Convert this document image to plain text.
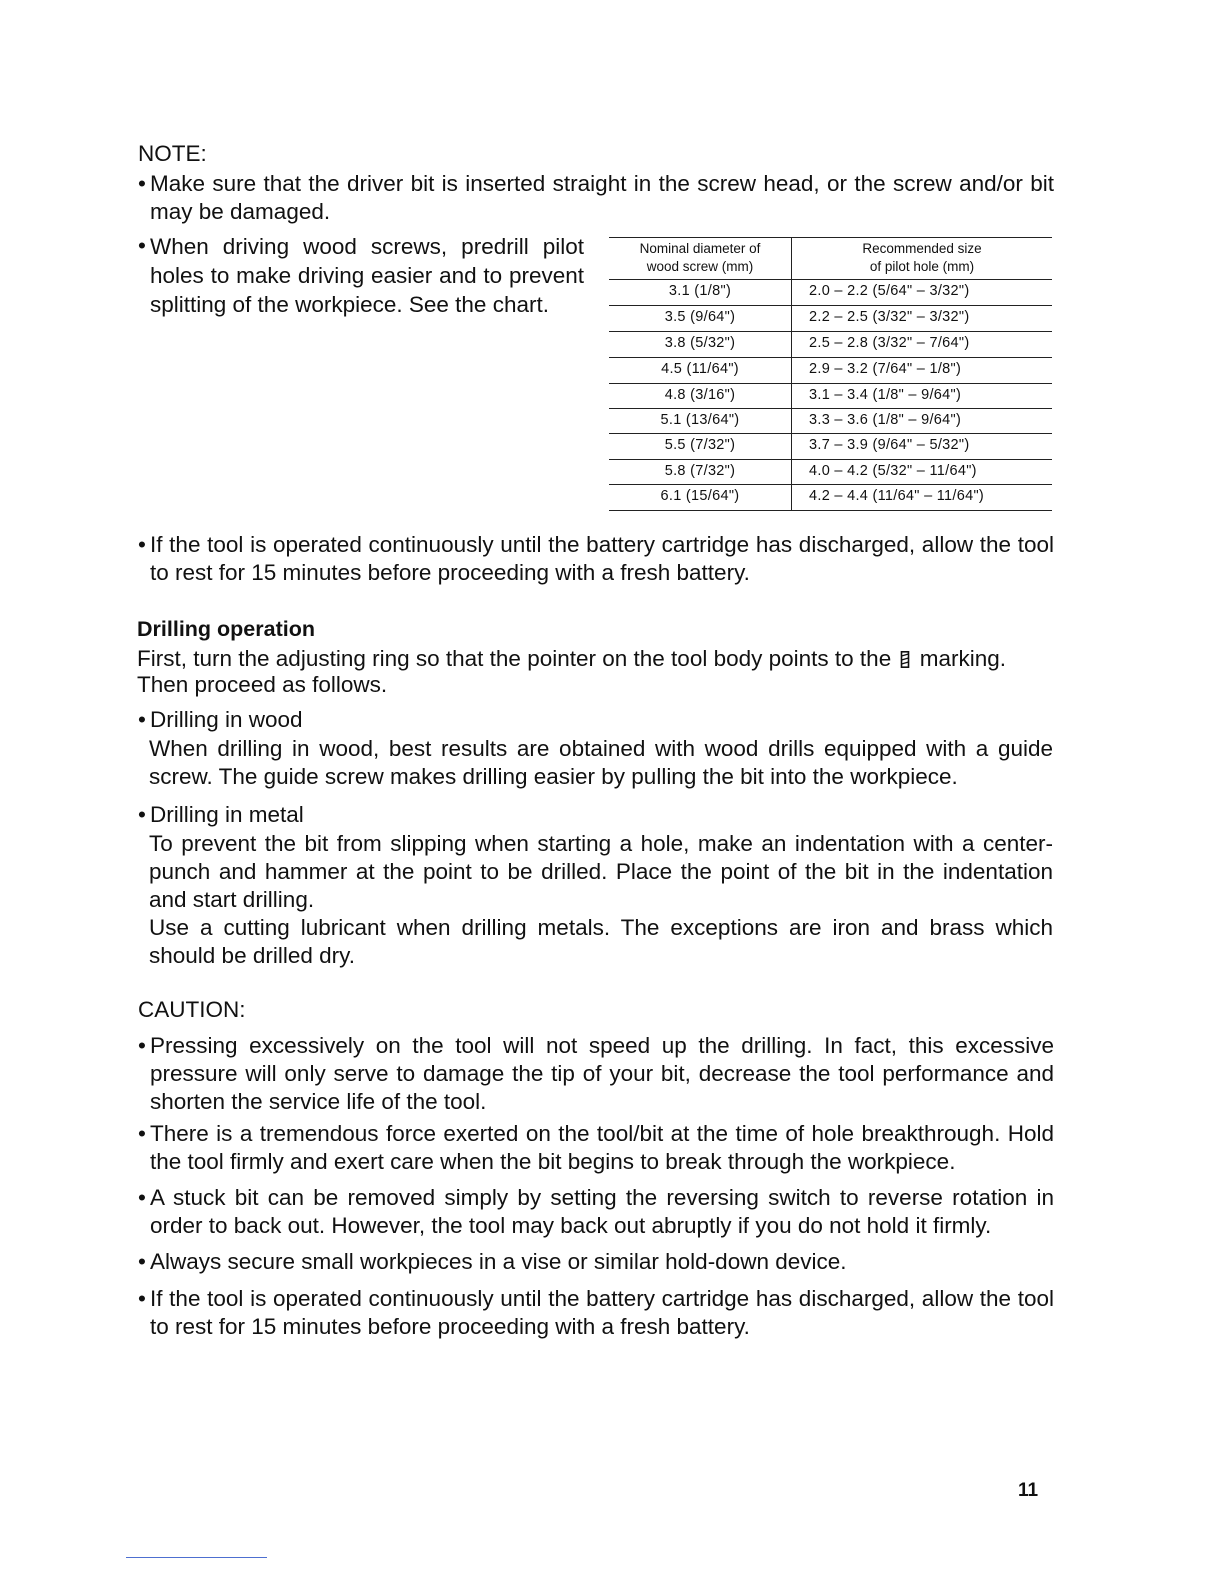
NOTE:
• Make sure that the driver bit is inserted straight in the screw head, or the screw and/or bit may be damaged.
• When driving wood screws, predrill pilot holes to make driving easier and to prevent splitting of the workpiece. See the chart.
Nominal diameter of
wood screw (mm)
Recommended size
of pilot hole (mm)
3.1 (1/8")	2.0 – 2.2 (5/64" – 3/32")
3.5 (9/64")	2.2 – 2.5 (3/32" – 3/32")
3.8 (5/32")	2.5 – 2.8 (3/32" – 7/64")
4.5 (11/64")	2.9 – 3.2 (7/64" – 1/8")
4.8 (3/16")	3.1 – 3.4 (1/8" – 9/64")
5.1 (13/64")	3.3 – 3.6 (1/8" – 9/64")
5.5 (7/32")	3.7 – 3.9 (9/64" – 5/32")
5.8 (7/32")	4.0 – 4.2 (5/32" – 11/64")
6.1 (15/64")	4.2 – 4.4 (11/64" – 11/64")
• If the tool is operated continuously until the battery cartridge has discharged, allow the tool to rest for 15 minutes before proceeding with a fresh battery.
Drilling operation
First, turn the adjusting ring so that the pointer on the tool body points to the marking.
Then proceed as follows.
• Drilling in wood
When drilling in wood, best results are obtained with wood drills equipped with a guide screw. The guide screw makes drilling easier by pulling the bit into the workpiece.
• Drilling in metal
To prevent the bit from slipping when starting a hole, make an indentation with a center-punch and hammer at the point to be drilled. Place the point of the bit in the indentation and start drilling.
Use a cutting lubricant when drilling metals. The exceptions are iron and brass which should be drilled dry.
CAUTION:
• Pressing excessively on the tool will not speed up the drilling. In fact, this excessive pressure will only serve to damage the tip of your bit, decrease the tool performance and shorten the service life of the tool.
• There is a tremendous force exerted on the tool/bit at the time of hole breakthrough. Hold the tool firmly and exert care when the bit begins to break through the workpiece.
• A stuck bit can be removed simply by setting the reversing switch to reverse rotation in order to back out. However, the tool may back out abruptly if you do not hold it firmly.
• Always secure small workpieces in a vise or similar hold-down device.
• If the tool is operated continuously until the battery cartridge has discharged, allow the tool to rest for 15 minutes before proceeding with a fresh battery.
11
